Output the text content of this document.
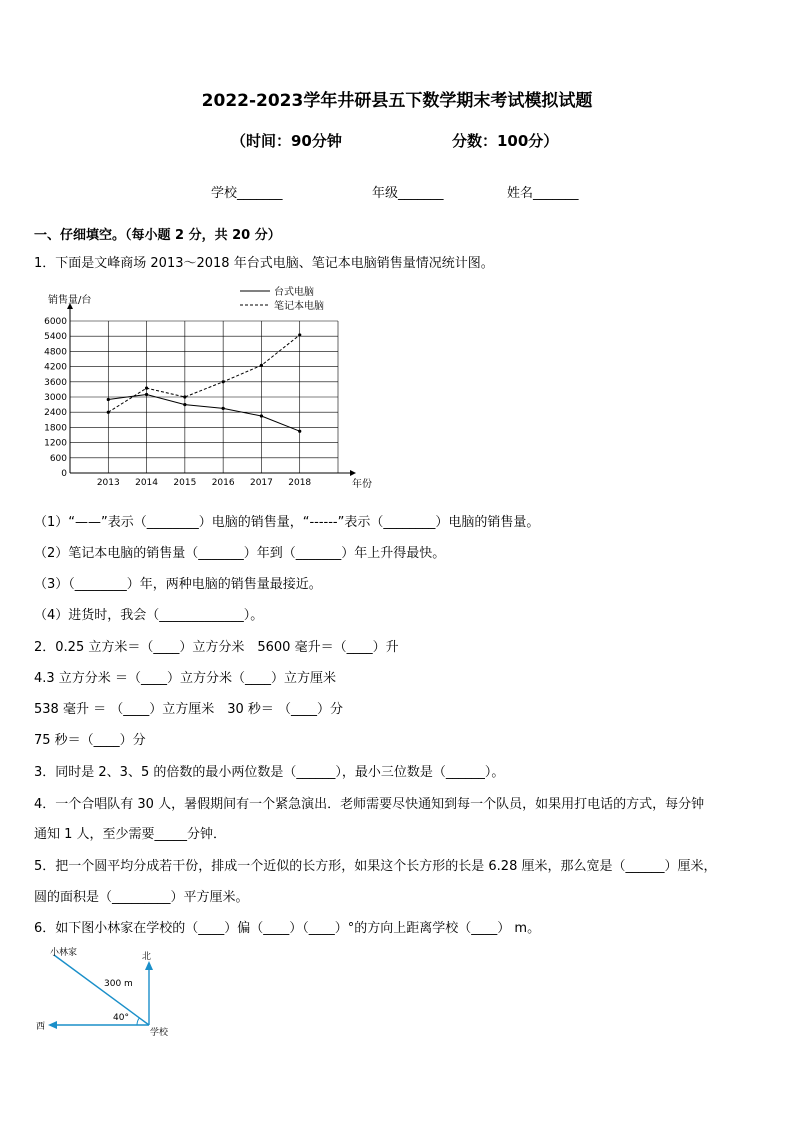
2022-2023学年井研县五下数学期末考试模拟试题
（时间：90分钟	分数：100分）
学校_______	年级_______	姓名_______
一、仔细填空。（每小题 2 分，共 20 分）
1．下面是文峰商场 2013～2018 年台式电脑、笔记本电脑销售量情况统计图。
0
600
1200
1800
2400
3000
3600
4200
4800
5400
6000
2013 2014 2015 2016 2017 2018
销售量/台
年份
台式电脑
笔记本电脑
（1）“——”表示（________）电脑的销售量，“------”表示（________）电脑的销售量。
（2）笔记本电脑的销售量（_______）年到（_______）年上升得最快。
（3）（________）年，两种电脑的销售量最接近。
（4）进货时，我会（_____________）。
2．0.25 立方米＝（____）立方分米　5600 毫升＝（____）升
4.3 立方分米 ＝（____）立方分米（____）立方厘米
538 毫升 ＝ （____）立方厘米　30 秒＝ （____）分
75 秒＝（____）分
3．同时是 2、3、5 的倍数的最小两位数是（______），最小三位数是（______）。
4．一个合唱队有 30 人，暑假期间有一个紧急演出．老师需要尽快通知到每一个队员，如果用打电话的方式，每分钟
通知 1 人，至少需要_____分钟．
5．把一个圆平均分成若干份，排成一个近似的长方形，如果这个长方形的长是 6.28 厘米，那么宽是（______）厘米，
圆的面积是（_________）平方厘米。
6．如下图小林家在学校的（____）偏（____）（____）°的方向上距离学校（____） m。
小林家	北
西
学校
300 m
40°
